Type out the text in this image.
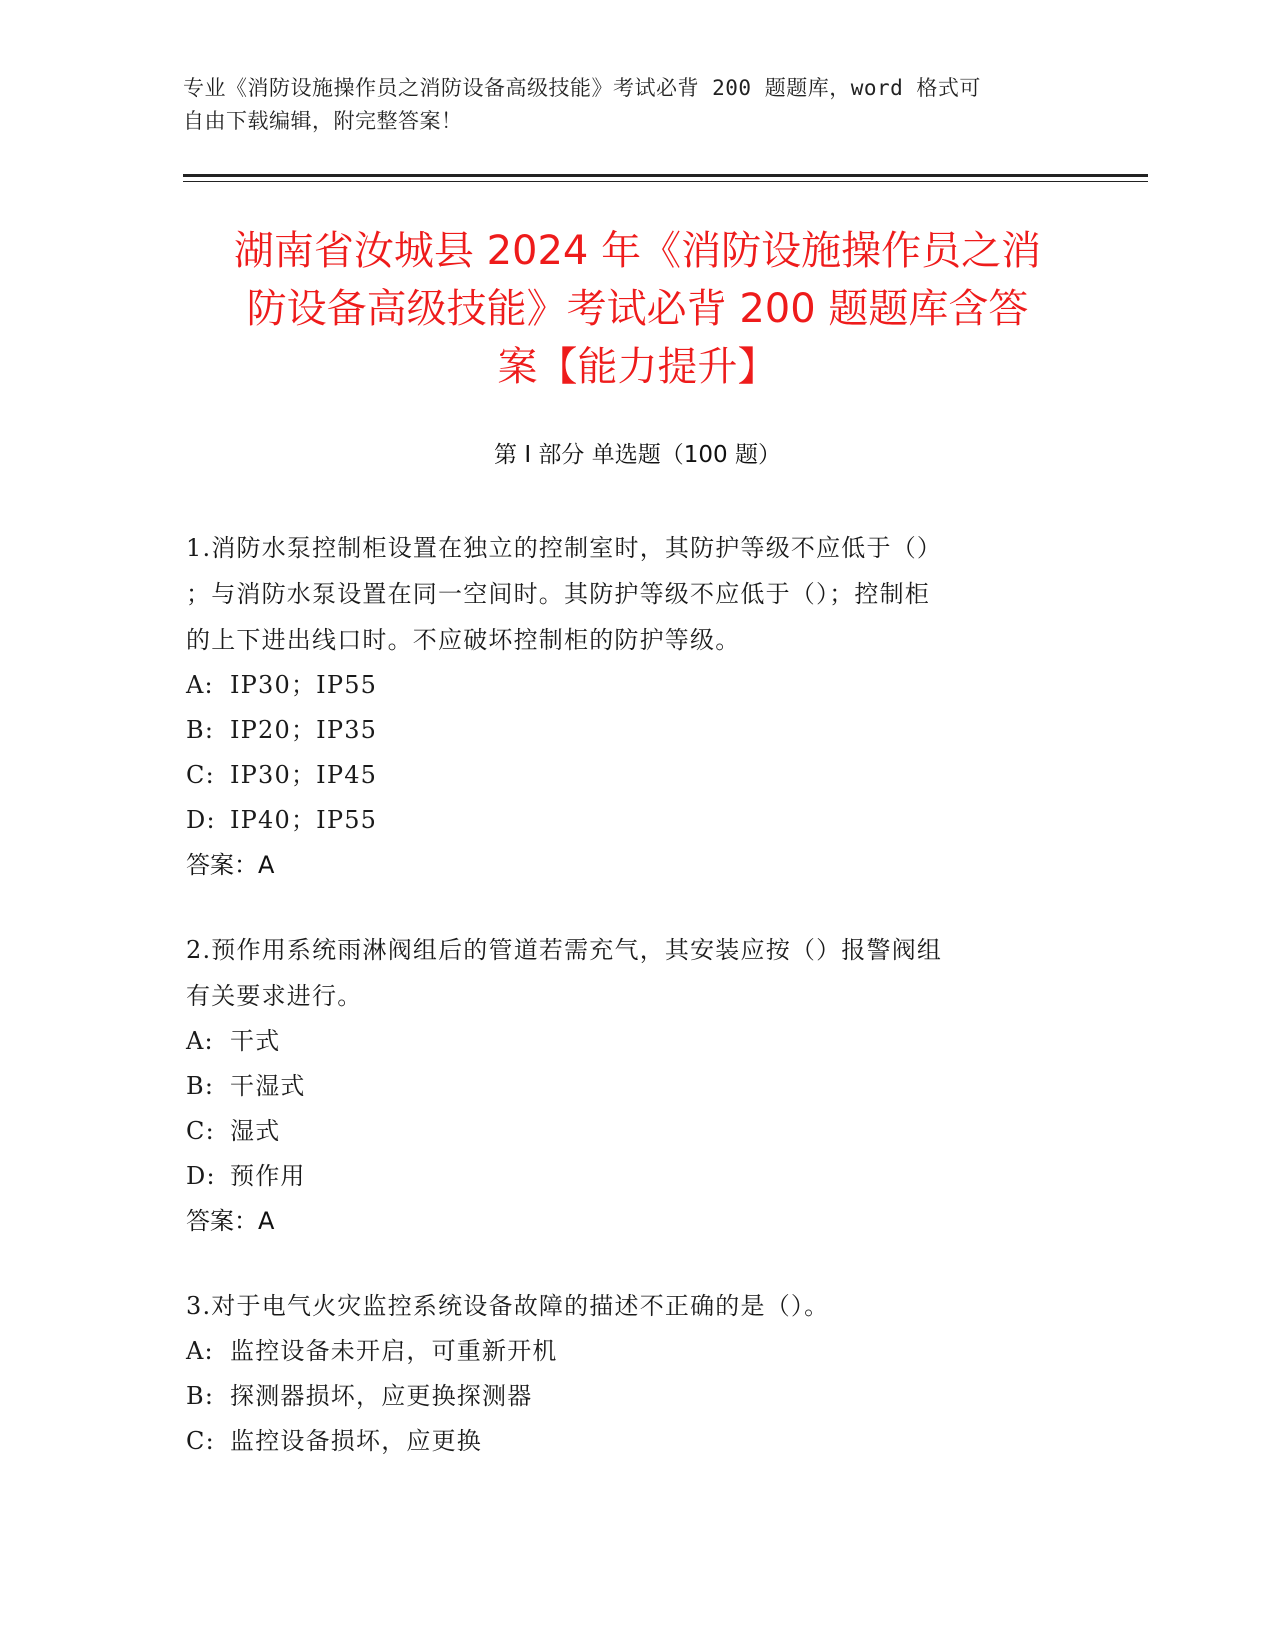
专业《消防设施操作员之消防设备高级技能》考试必背 200 题题库，word 格式可
自由下载编辑，附完整答案！
湖南省汝城县 2024 年《消防设施操作员之消
防设备高级技能》考试必背 200 题题库含答
案【能力提升】
第 I 部分 单选题（100 题）
1.消防水泵控制柜设置在独立的控制室时，其防护等级不应低于（）
；与消防水泵设置在同一空间时。其防护等级不应低于（）；控制柜
的上下进出线口时。不应破坏控制柜的防护等级。
A: IP30；IP55
B: IP20；IP35
C: IP30；IP45
D: IP40；IP55
答案：A
2.预作用系统雨淋阀组后的管道若需充气，其安装应按（）报警阀组
有关要求进行。
A: 干式
B: 干湿式
C: 湿式
D: 预作用
答案：A
3.对于电气火灾监控系统设备故障的描述不正确的是（）。
A: 监控设备未开启，可重新开机
B: 探测器损坏，应更换探测器
C: 监控设备损坏，应更换
